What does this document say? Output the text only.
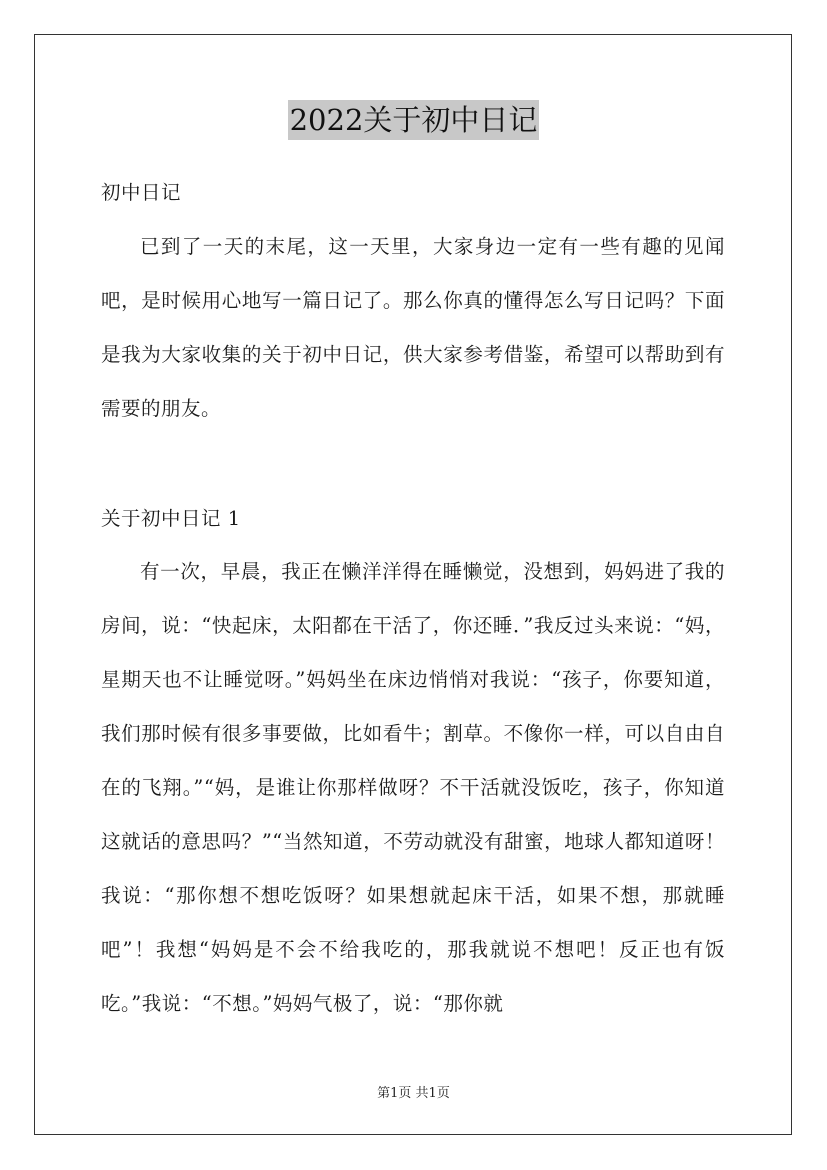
2022关于初中日记
初中日记

已到了一天的末尾，这一天里，大家身边一定有一些有趣的见闻吧，是时候用心地写一篇日记了。那么你真的懂得怎么写日记吗？下面是我为大家收集的关于初中日记，供大家参考借鉴，希望可以帮助到有需要的朋友。

关于初中日记 1

有一次，早晨，我正在懒洋洋得在睡懒觉，没想到，妈妈进了我的房间，说：“快起床，太阳都在干活了，你还睡．”我反过头来说：“妈，星期天也不让睡觉呀。”妈妈坐在床边悄悄对我说：“孩子，你要知道，我们那时候有很多事要做，比如看牛；割草。不像你一样，可以自由自在的飞翔。”“妈，是谁让你那样做呀？不干活就没饭吃，孩子，你知道这就话的意思吗？”“当然知道，不劳动就没有甜蜜，地球人都知道呀！我说：“那你想不想吃饭呀？如果想就起床干活，如果不想，那就睡吧”！我想“妈妈是不会不给我吃的，那我就说不想吧！反正也有饭吃。”我说：“不想。”妈妈气极了，说：“那你就

第1页 共1页
